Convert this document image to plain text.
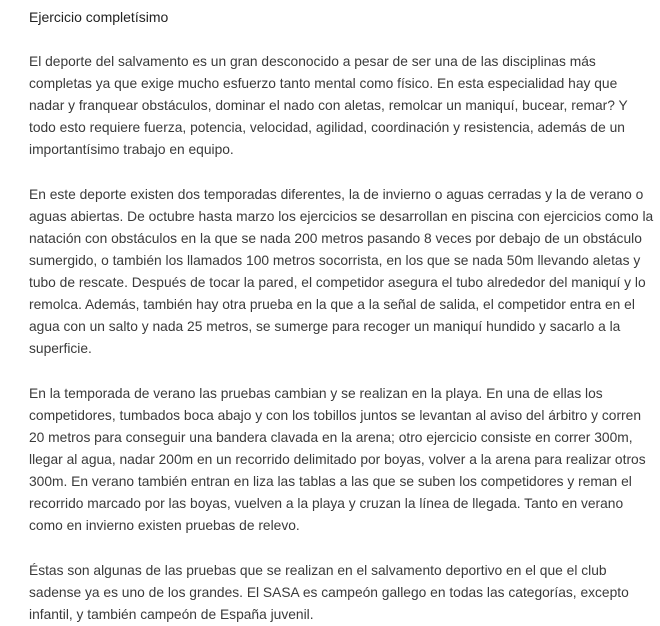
Ejercicio completísimo

El deporte del salvamento es un gran desconocido a pesar de ser una de las disciplinas más completas ya que exige mucho esfuerzo tanto mental como físico. En esta especialidad hay que nadar y franquear obstáculos, dominar el nado con aletas, remolcar un maniquí, bucear, remar? Y todo esto requiere fuerza, potencia, velocidad, agilidad, coordinación y resistencia, además de un importantísimo trabajo en equipo.

En este deporte existen dos temporadas diferentes, la de invierno o aguas cerradas y la de verano o aguas abiertas. De octubre hasta marzo los ejercicios se desarrollan en piscina con ejercicios como la natación con obstáculos en la que se nada 200 metros pasando 8 veces por debajo de un obstáculo sumergido, o también los llamados 100 metros socorrista, en los que se nada 50m llevando aletas y tubo de rescate. Después de tocar la pared, el competidor asegura el tubo alrededor del maniquí y lo remolca. Además, también hay otra prueba en la que a la señal de salida, el competidor entra en el agua con un salto y nada 25 metros, se sumerge para recoger un maniquí hundido y sacarlo a la superficie.

En la temporada de verano las pruebas cambian y se realizan en la playa. En una de ellas los competidores, tumbados boca abajo y con los tobillos juntos se levantan al aviso del árbitro y corren 20 metros para conseguir una bandera clavada en la arena; otro ejercicio consiste en correr 300m, llegar al agua, nadar 200m en un recorrido delimitado por boyas, volver a la arena para realizar otros 300m. En verano también entran en liza las tablas a las que se suben los competidores y reman el recorrido marcado por las boyas, vuelven a la playa y cruzan la línea de llegada. Tanto en verano como en invierno existen pruebas de relevo.

Éstas son algunas de las pruebas que se realizan en el salvamento deportivo en el que el club sadense ya es uno de los grandes. El SASA es campeón gallego en todas las categorías, excepto infantil, y también campeón de España juvenil.
